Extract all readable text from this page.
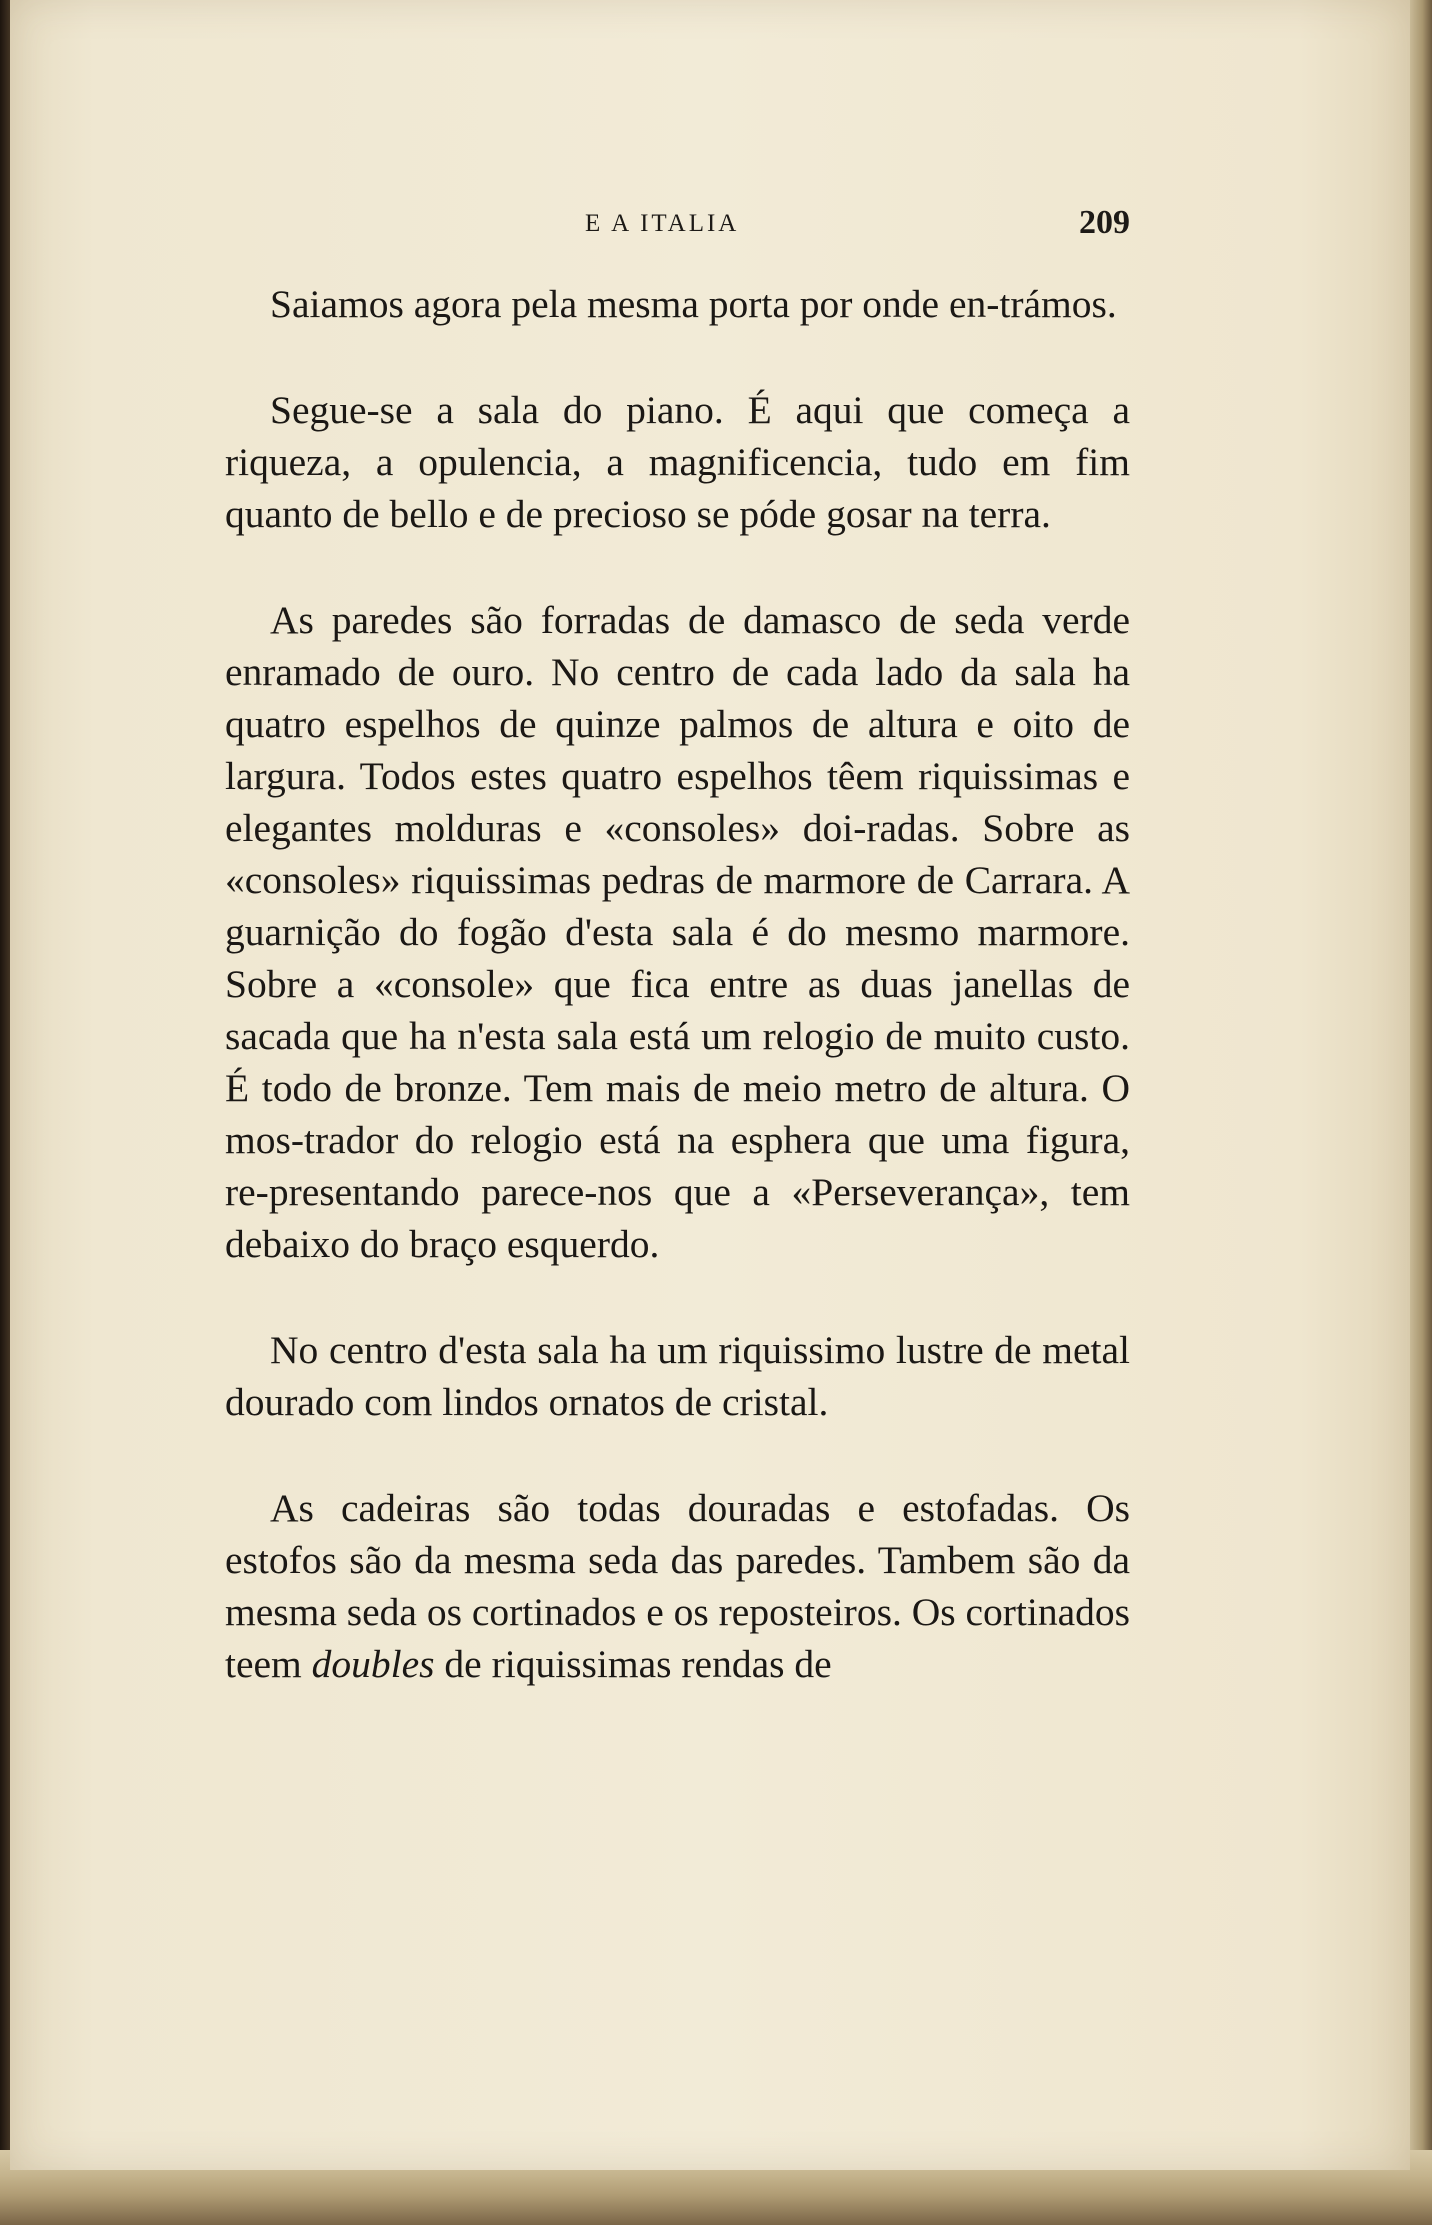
E A ITALIA	209

Saiamos agora pela mesma porta por onde en-trámos.

Segue-se a sala do piano. É aqui que começa a riqueza, a opulencia, a magnificencia, tudo em fim quanto de bello e de precioso se póde gosar na terra.

As paredes são forradas de damasco de seda verde enramado de ouro. No centro de cada lado da sala ha quatro espelhos de quinze palmos de altura e oito de largura. Todos estes quatro espelhos têem riquissimas e elegantes molduras e «consoles» doi-radas. Sobre as «consoles» riquissimas pedras de marmore de Carrara. A guarnição do fogão d'esta sala é do mesmo marmore. Sobre a «console» que fica entre as duas janellas de sacada que ha n'esta sala está um relogio de muito custo. É todo de bronze. Tem mais de meio metro de altura. O mos-trador do relogio está na esphera que uma figura, re-presentando parece-nos que a «Perseverança», tem debaixo do braço esquerdo.

No centro d'esta sala ha um riquissimo lustre de metal dourado com lindos ornatos de cristal.

As cadeiras são todas douradas e estofadas. Os estofos são da mesma seda das paredes. Tambem são da mesma seda os cortinados e os reposteiros. Os cortinados teem doubles de riquissimas rendas de
